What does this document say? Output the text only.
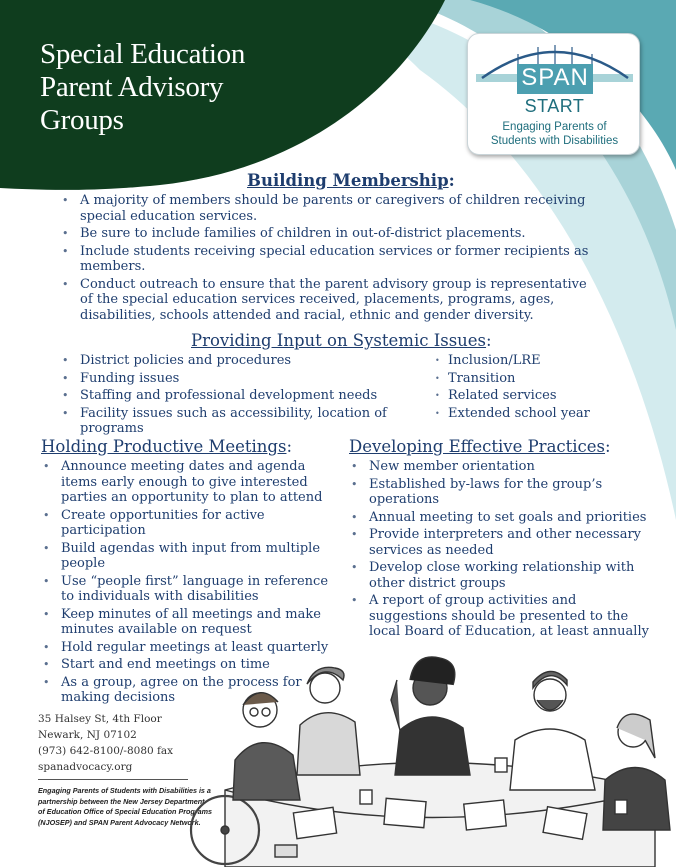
Special Education
Parent Advisory
Groups
SPAN
START
Engaging Parents of
Students with Disabilities
Building Membership:
• A majority of members should be parents or caregivers of children receiving special education services.
• Be sure to include families of children in out-of-district placements.
• Include students receiving special education services or former recipients as members.
• Conduct outreach to ensure that the parent advisory group is representative of the special education services received, placements, programs, ages, disabilities, schools attended and racial, ethnic and gender diversity.
Providing Input on Systemic Issues:
• District policies and procedures
• Funding issues
• Staffing and professional development needs
• Facility issues such as accessibility, location of programs
• Inclusion/LRE
• Transition
• Related services
• Extended school year
Holding Productive Meetings:
• Announce meeting dates and agenda items early enough to give interested parties an opportunity to plan to attend
• Create opportunities for active participation
• Build agendas with input from multiple people
• Use “people first” language in reference to individuals with disabilities
• Keep minutes of all meetings and make minutes available on request
• Hold regular meetings at least quarterly
• Start and end meetings on time
• As a group, agree on the process for making decisions
Developing Effective Practices:
• New member orientation
• Established by-laws for the group’s operations
• Annual meeting to set goals and priorities
• Provide interpreters and other necessary services as needed
• Develop close working relationship with other district groups
• A report of group activities and suggestions should be presented to the local Board of Education, at least annually
35 Halsey St, 4th Floor
Newark, NJ 07102
(973) 642-8100/-8080 fax
spanadvocacy.org
Engaging Parents of Students with Disabilities is a partnership between the New Jersey Department of Education Office of Special Education Programs (NJOSEP) and SPAN Parent Advocacy Network.
